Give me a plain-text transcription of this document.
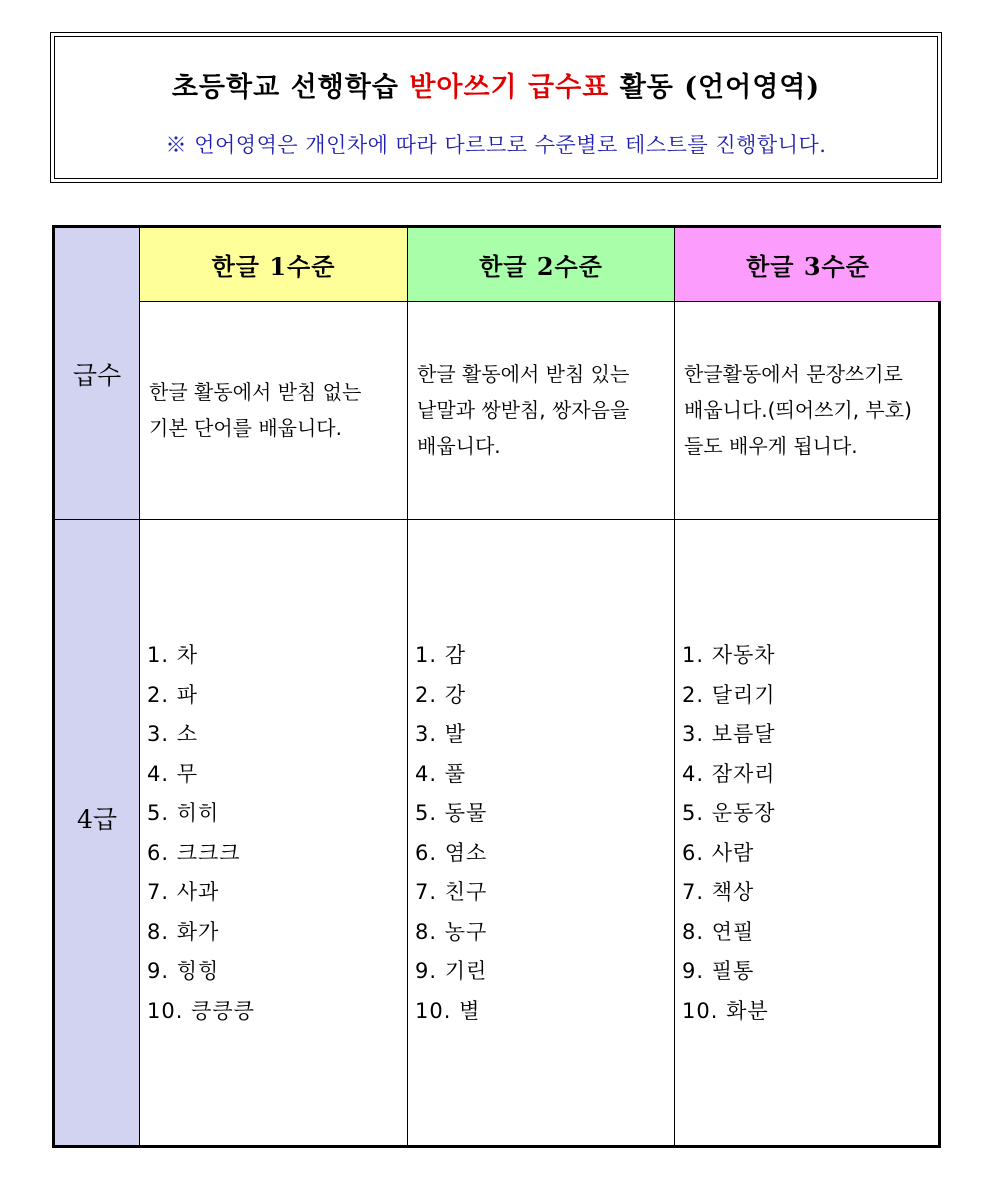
초등학교 선행학습 받아쓰기 급수표 활동 (언어영역)
※ 언어영역은 개인차에 따라 다르므로 수준별로 테스트를 진행합니다.
급수
4급
한글 1수준	한글 2수준	한글 3수준
한글 활동에서 받침 없는
기본 단어를 배웁니다.
한글 활동에서 받침 있는
낱말과 쌍받침, 쌍자음을
배웁니다.
한글활동에서 문장쓰기로
배웁니다.(띄어쓰기, 부호)
들도 배우게 됩니다.
1. 차
2. 파
3. 소
4. 무
5. 히히
6. 크크크
7. 사과
8. 화가
9. 힝힝
10. 킁킁킁
1. 감
2. 강
3. 발
4. 풀
5. 동물
6. 염소
7. 친구
8. 농구
9. 기린
10. 별
1. 자동차
2. 달리기
3. 보름달
4. 잠자리
5. 운동장
6. 사람
7. 책상
8. 연필
9. 필통
10. 화분
